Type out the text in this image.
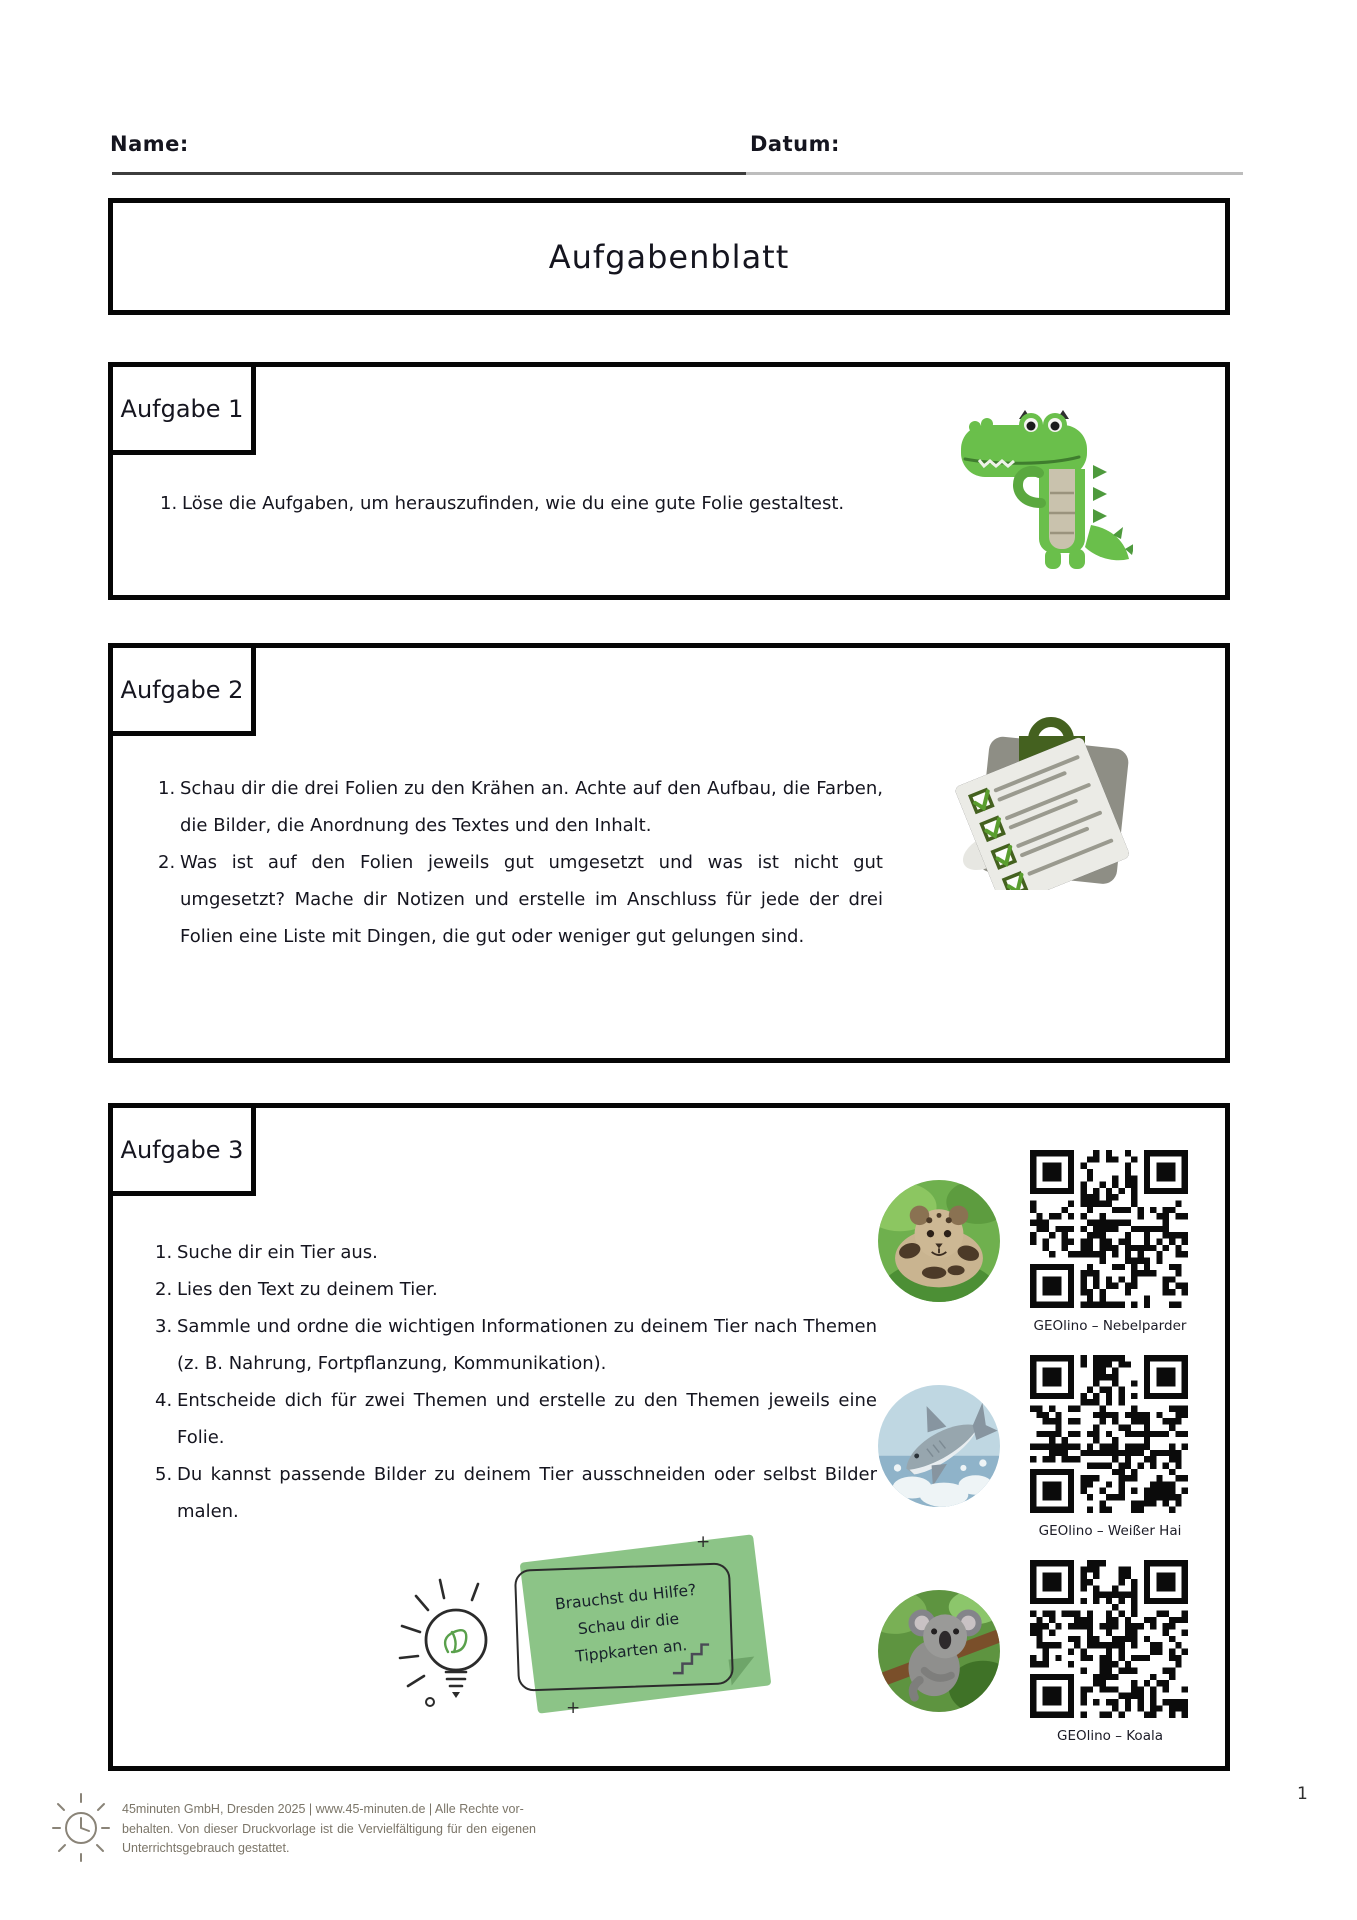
Name:	Datum:
Aufgabenblatt
Aufgabe 1
1. Löse die Aufgaben, um herauszufinden, wie du eine gute Folie gestaltest.
Aufgabe 2
1. Schau dir die drei Folien zu den Krähen an. Achte auf den Aufbau, die Farben, die Bilder, die Anordnung des Textes und den Inhalt.
2. Was ist auf den Folien jeweils gut umgesetzt und was ist nicht gut umgesetzt? Mache dir Notizen und erstelle im Anschluss für jede der drei Folien eine Liste mit Dingen, die gut oder weniger gut gelungen sind.
Aufgabe 3
1. Suche dir ein Tier aus.
2. Lies den Text zu deinem Tier.
3. Sammle und ordne die wichtigen Informationen zu deinem Tier nach Themen (z. B. Nahrung, Fortpflanzung, Kommunikation).
4. Entscheide dich für zwei Themen und erstelle zu den Themen jeweils eine Folie.
5. Du kannst passende Bilder zu deinem Tier ausschneiden oder selbst Bilder malen.
GEOlino – Nebelparder
GEOlino – Weißer Hai
GEOlino – Koala
Brauchst du Hilfe?
Schau dir die
Tippkarten an.
+
+
45minuten GmbH, Dresden 2025 | www.45-minuten.de | Alle Rechte vor-
behalten. Von dieser Druckvorlage ist die Vervielfältigung für den eigenen
Unterrichtsgebrauch gestattet.
1
